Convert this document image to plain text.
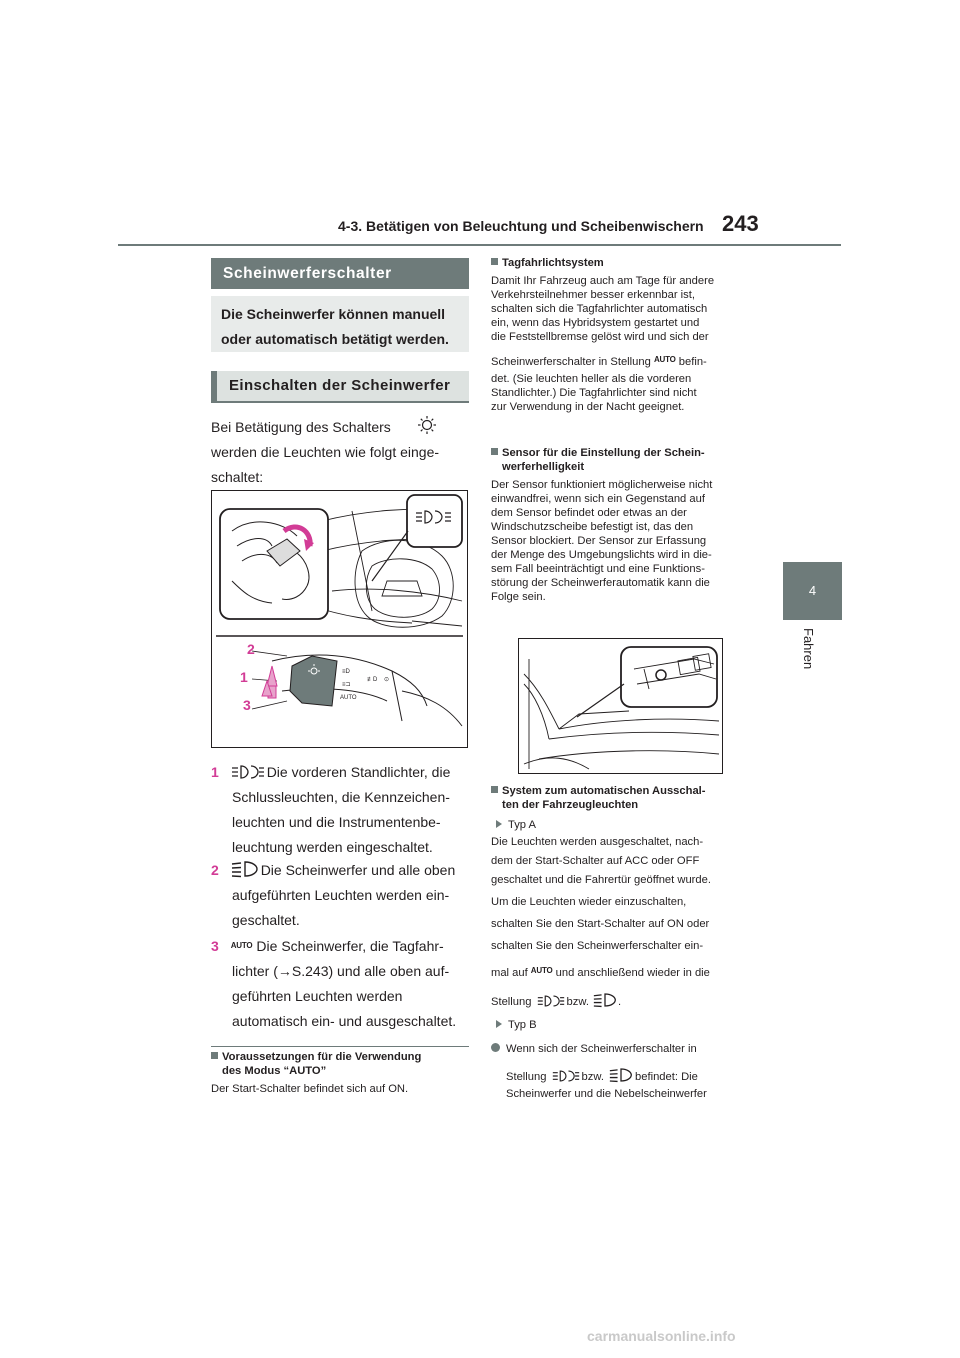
4-3. Betätigen von Beleuchtung und Scheibenwischern 243
4
Fahren
Scheinwerferschalter
Die Scheinwerfer können manuell
oder automatisch betätigt werden.
Einschalten der Scheinwerfer
Bei Betätigung des Schalters
werden die Leuchten wie folgt einge-
schaltet:
≡D
≡⊐
AUTO
≢D ⊙
2
1
3
1	Die vorderen Standlichter, die
Schlussleuchten, die Kennzeichen-
leuchten und die Instrumentenbe-
leuchtung werden eingeschaltet.
2	Die Scheinwerfer und alle oben
aufgeführten Leuchten werden ein-
geschaltet.
3 $^{AUTO}$ Die Scheinwerfer, die Tagfahr-
lichter (→S.243) und alle oben auf-
geführten Leuchten werden
automatisch ein- und ausgeschaltet.
Voraussetzungen für die Verwendung
des Modus “AUTO”
Der Start-Schalter befindet sich auf ON.
Tagfahrlichtsystem
Damit Ihr Fahrzeug auch am Tage für andere
Verkehrsteilnehmer besser erkennbar ist,
schalten sich die Tagfahrlichter automatisch
ein, wenn das Hybridsystem gestartet und
die Feststellbremse gelöst wird und sich der
Scheinwerferschalter in Stellung $^{AUTO}$ befin-
det. (Sie leuchten heller als die vorderen
Standlichter.) Die Tagfahrlichter sind nicht
zur Verwendung in der Nacht geeignet.
Sensor für die Einstellung der Schein-
werferhelligkeit
Der Sensor funktioniert möglicherweise nicht
einwandfrei, wenn sich ein Gegenstand auf
dem Sensor befindet oder etwas an der
Windschutzscheibe befestigt ist, das den
Sensor blockiert. Der Sensor zur Erfassung
der Menge des Umgebungslichts wird in die-
sem Fall beeinträchtigt und eine Funktions-
störung der Scheinwerferautomatik kann die
Folge sein.
System zum automatischen Ausschal-
ten der Fahrzeugleuchten
Typ A
Die Leuchten werden ausgeschaltet, nach-
dem der Start-Schalter auf ACC oder OFF
geschaltet und die Fahrertür geöffnet wurde.
Um die Leuchten wieder einzuschalten,
schalten Sie den Start-Schalter auf ON oder
schalten Sie den Scheinwerferschalter ein-
mal auf $^{AUTO}$ und anschließend wieder in die
Stellung	bzw.	.
Typ B
Wenn sich der Scheinwerferschalter in
Stellung	bzw.	befindet: Die
Scheinwerfer und die Nebelscheinwerfer
carmanualsonline.info
